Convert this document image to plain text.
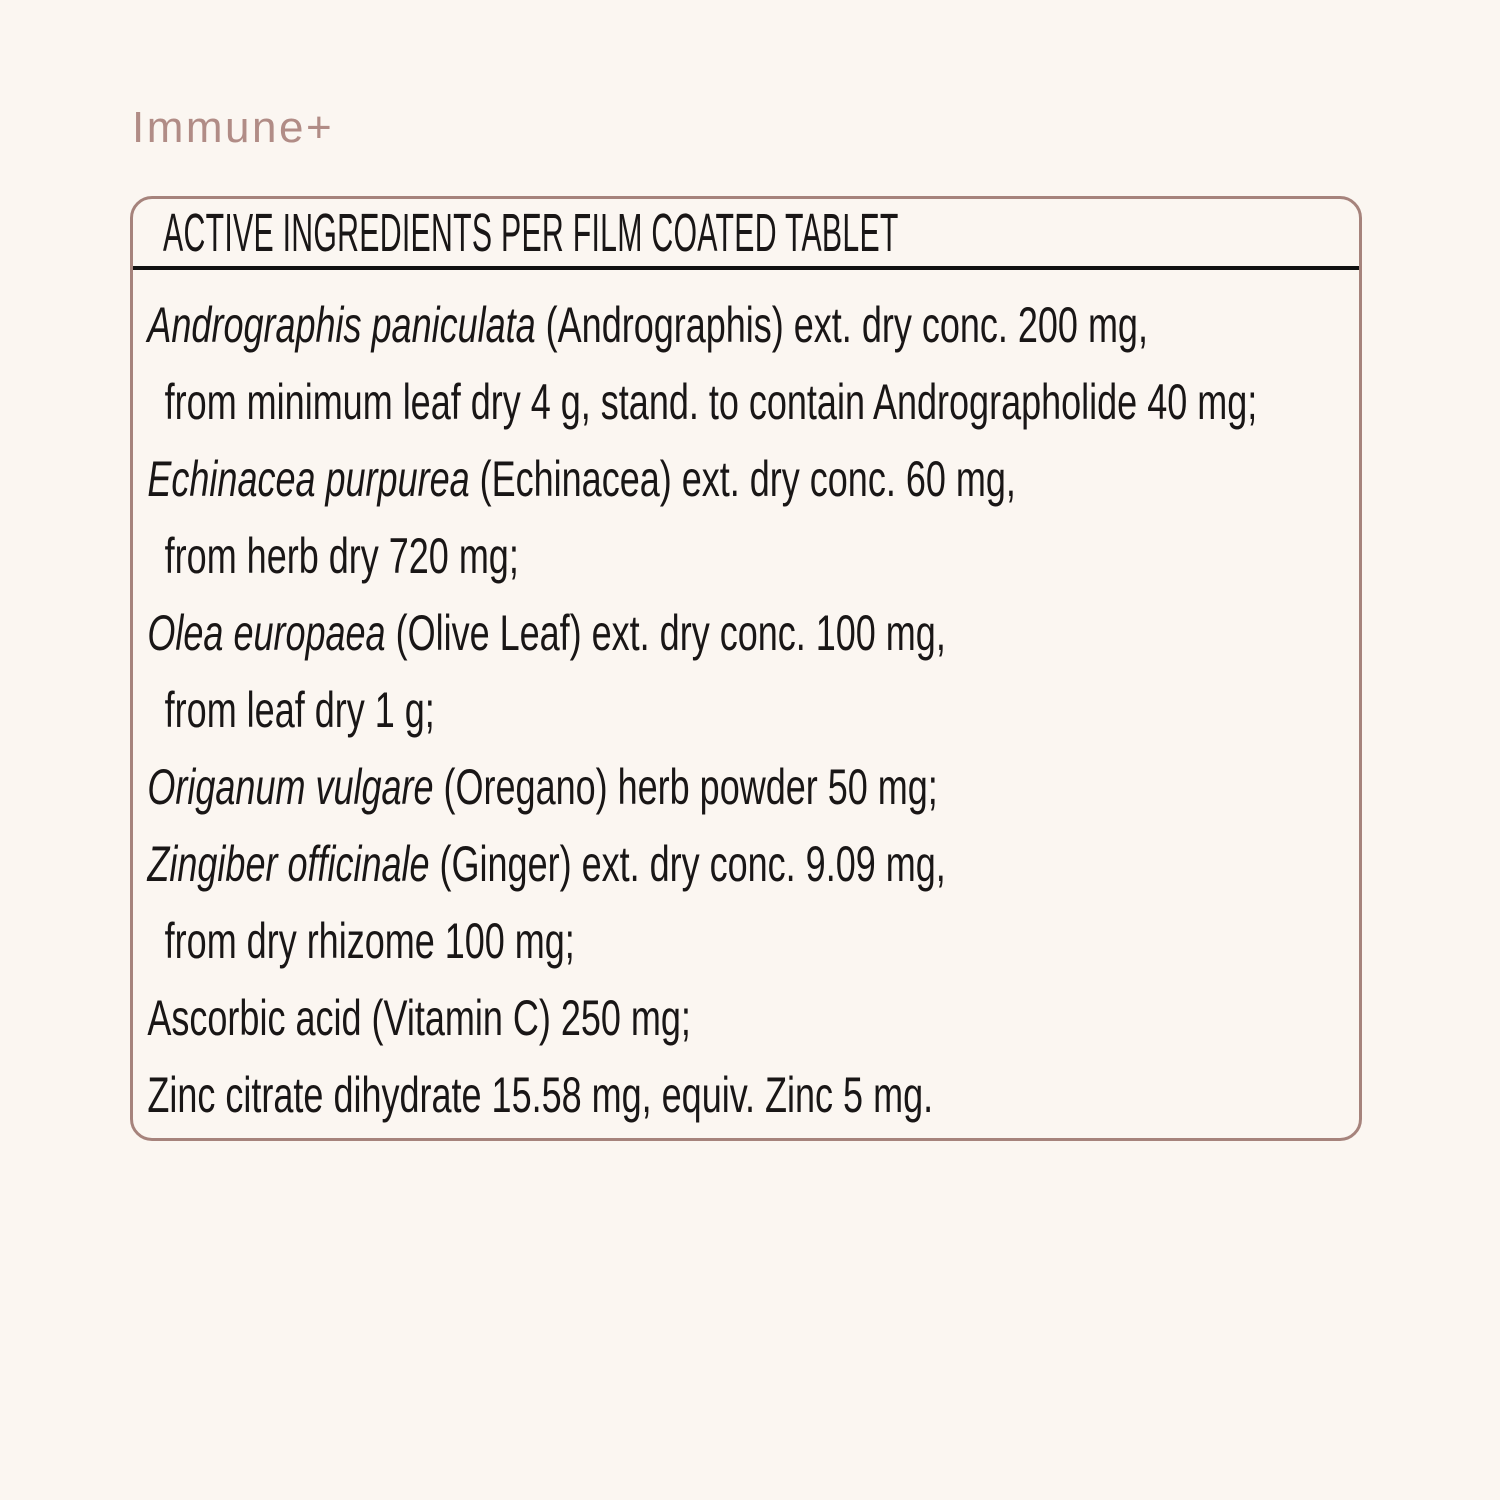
Immune+
ACTIVE INGREDIENTS PER FILM COATED TABLET
Andrographis paniculata (Andrographis) ext. dry conc. 200 mg,
from minimum leaf dry 4 g, stand. to contain Andrographolide 40 mg;
Echinacea purpurea (Echinacea) ext. dry conc. 60 mg,
from herb dry 720 mg;
Olea europaea (Olive Leaf) ext. dry conc. 100 mg,
from leaf dry 1 g;
Origanum vulgare (Oregano) herb powder 50 mg;
Zingiber officinale (Ginger) ext. dry conc. 9.09 mg,
from dry rhizome 100 mg;
Ascorbic acid (Vitamin C) 250 mg;
Zinc citrate dihydrate 15.58 mg, equiv. Zinc 5 mg.
